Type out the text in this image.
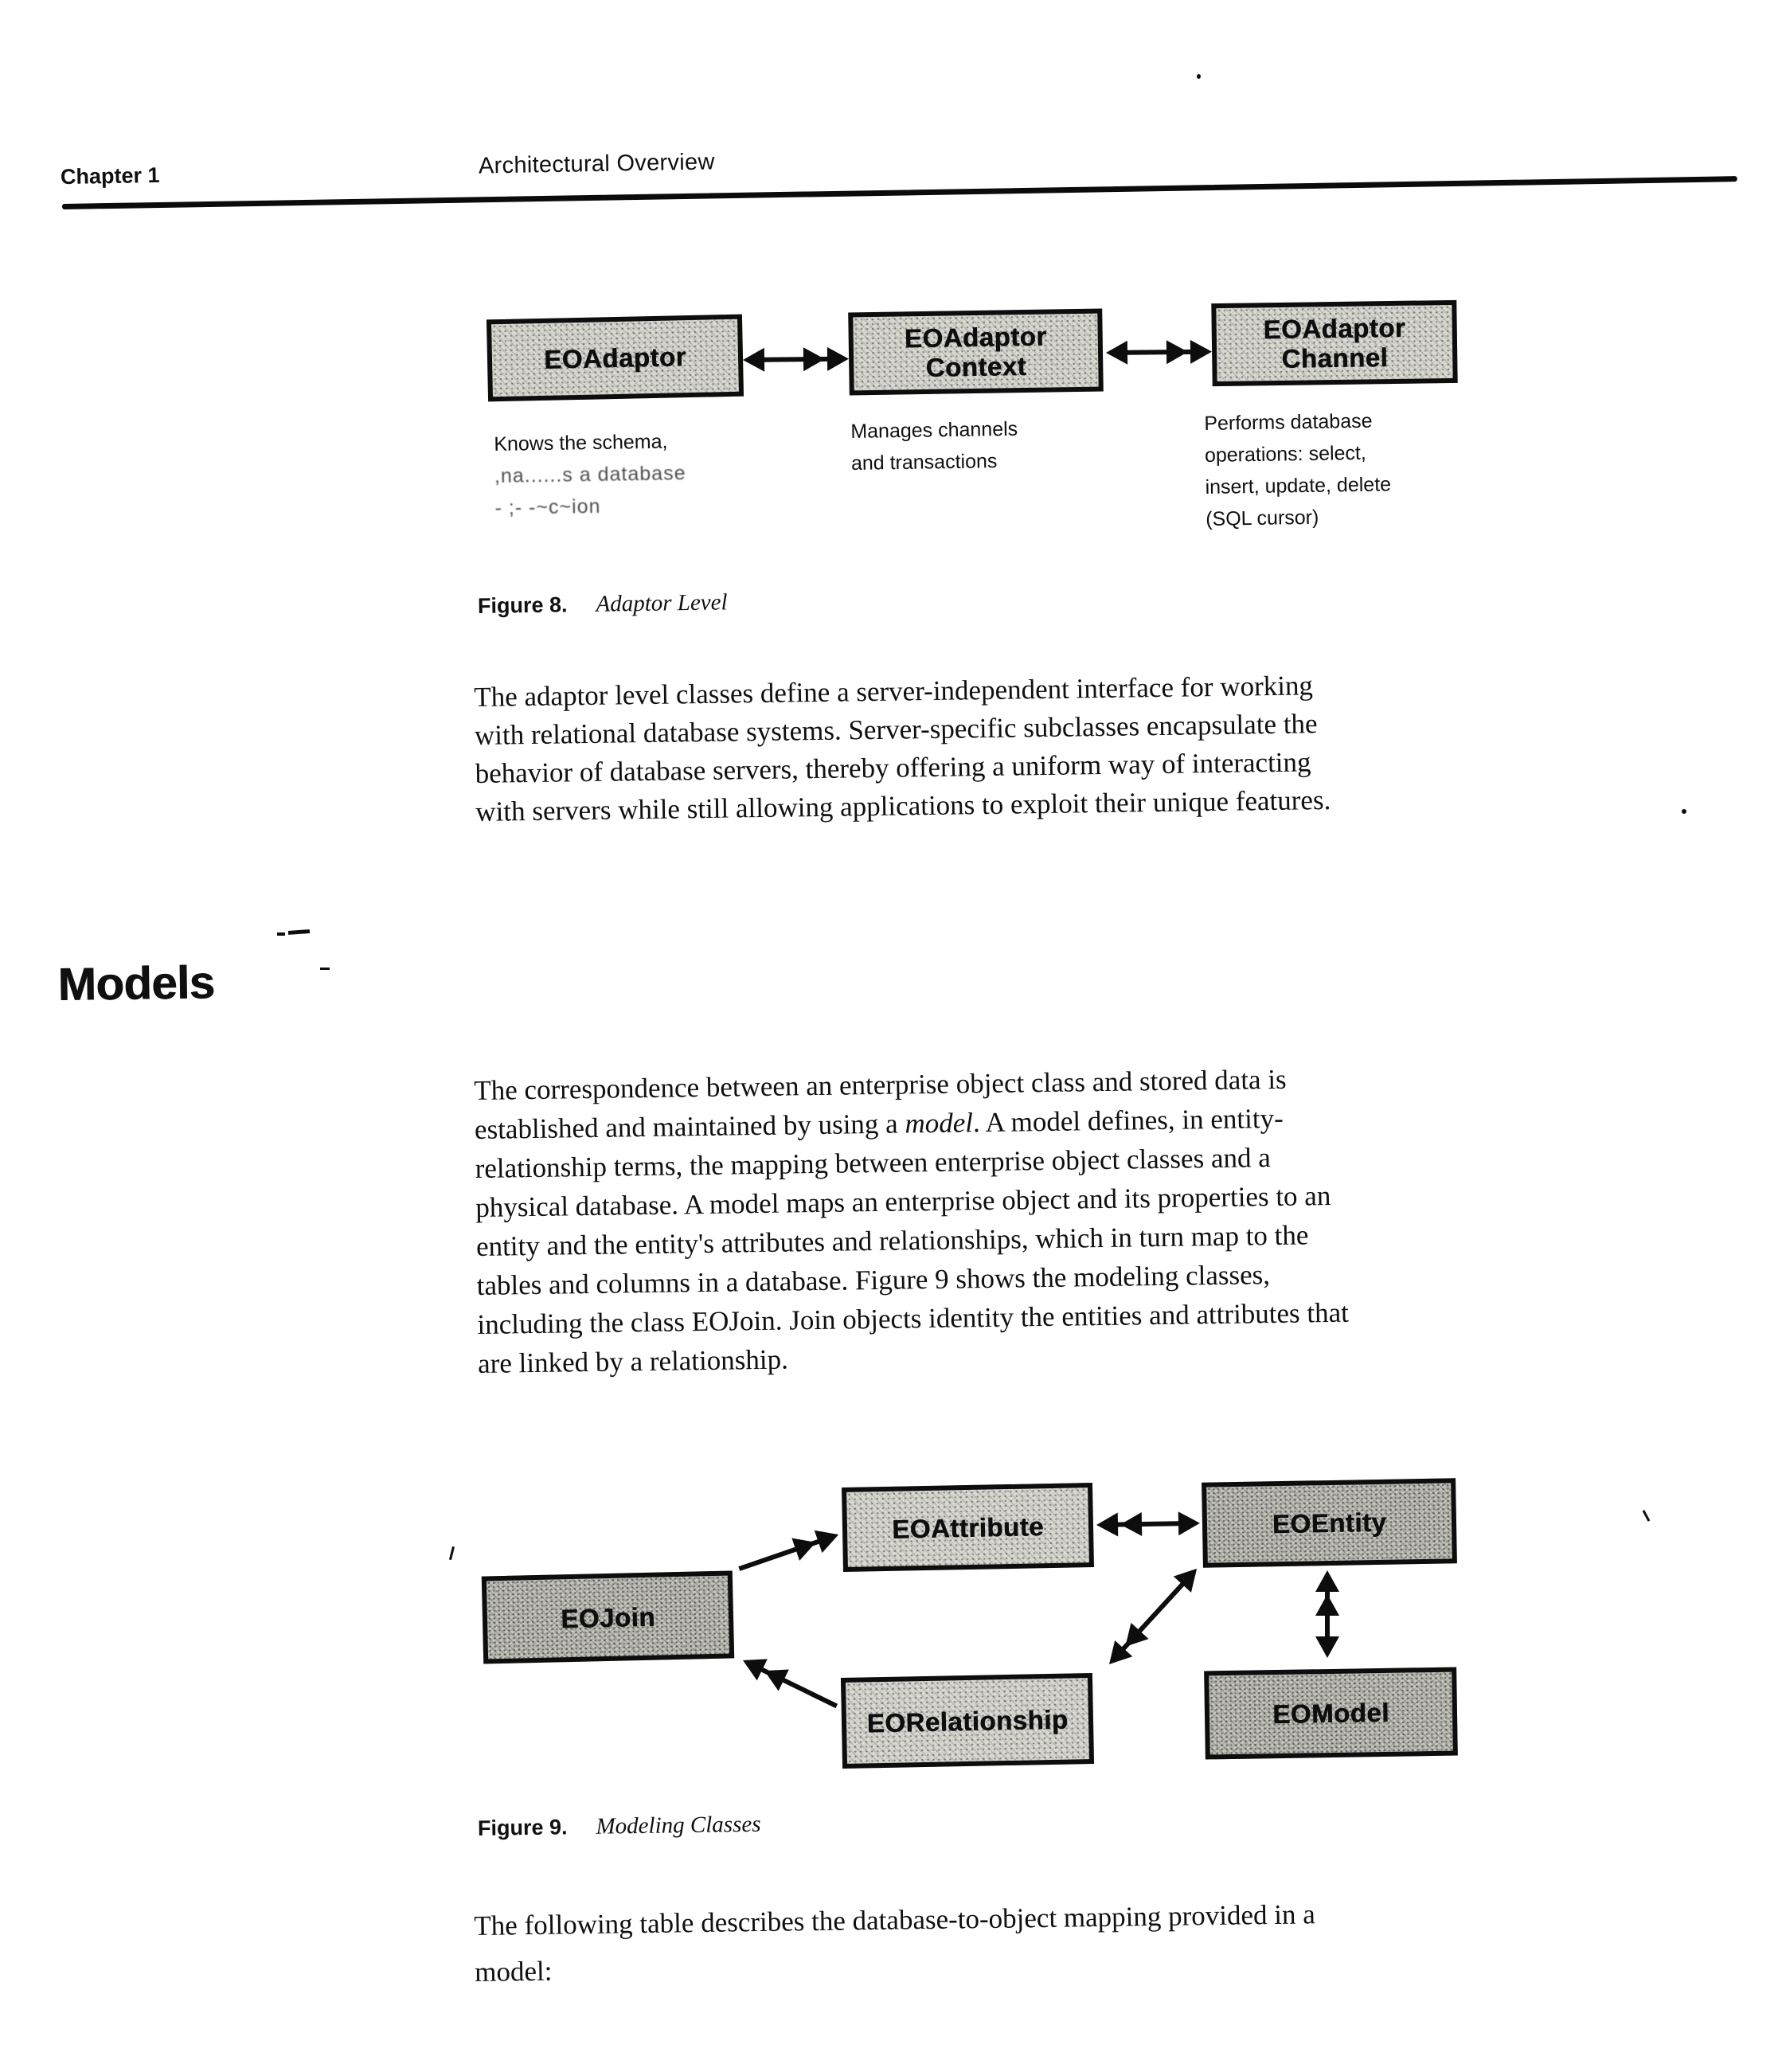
Chapter 1	Architectural Overview
EOAdaptor
EOAdaptor
Context
EOAdaptor
Channel
Knows the schema,
,na......s a database
- ;- -~c~ion
Manages channels
and transactions
Performs database
operations: select,
insert, update, delete
(SQL cursor)
Figure 8. Adaptor Level
The adaptor level classes define a server-independent interface for working
with relational database systems. Server-specific subclasses encapsulate the
behavior of database servers, thereby offering a uniform way of interacting
with servers while still allowing applications to exploit their unique features.
Models
The correspondence between an enterprise object class and stored data is
established and maintained by using a model. A model defines, in entity-
relationship terms, the mapping between enterprise object classes and a
physical database. A model maps an enterprise object and its properties to an
entity and the entity's attributes and relationships, which in turn map to the
tables and columns in a database. Figure 9 shows the modeling classes,
including the class EOJoin. Join objects identity the entities and attributes that
are linked by a relationship.
EOJoin
EOAttribute	EOEntity
EORelationship	EOModel
Figure 9. Modeling Classes
The following table describes the database-to-object mapping provided in a
model:
